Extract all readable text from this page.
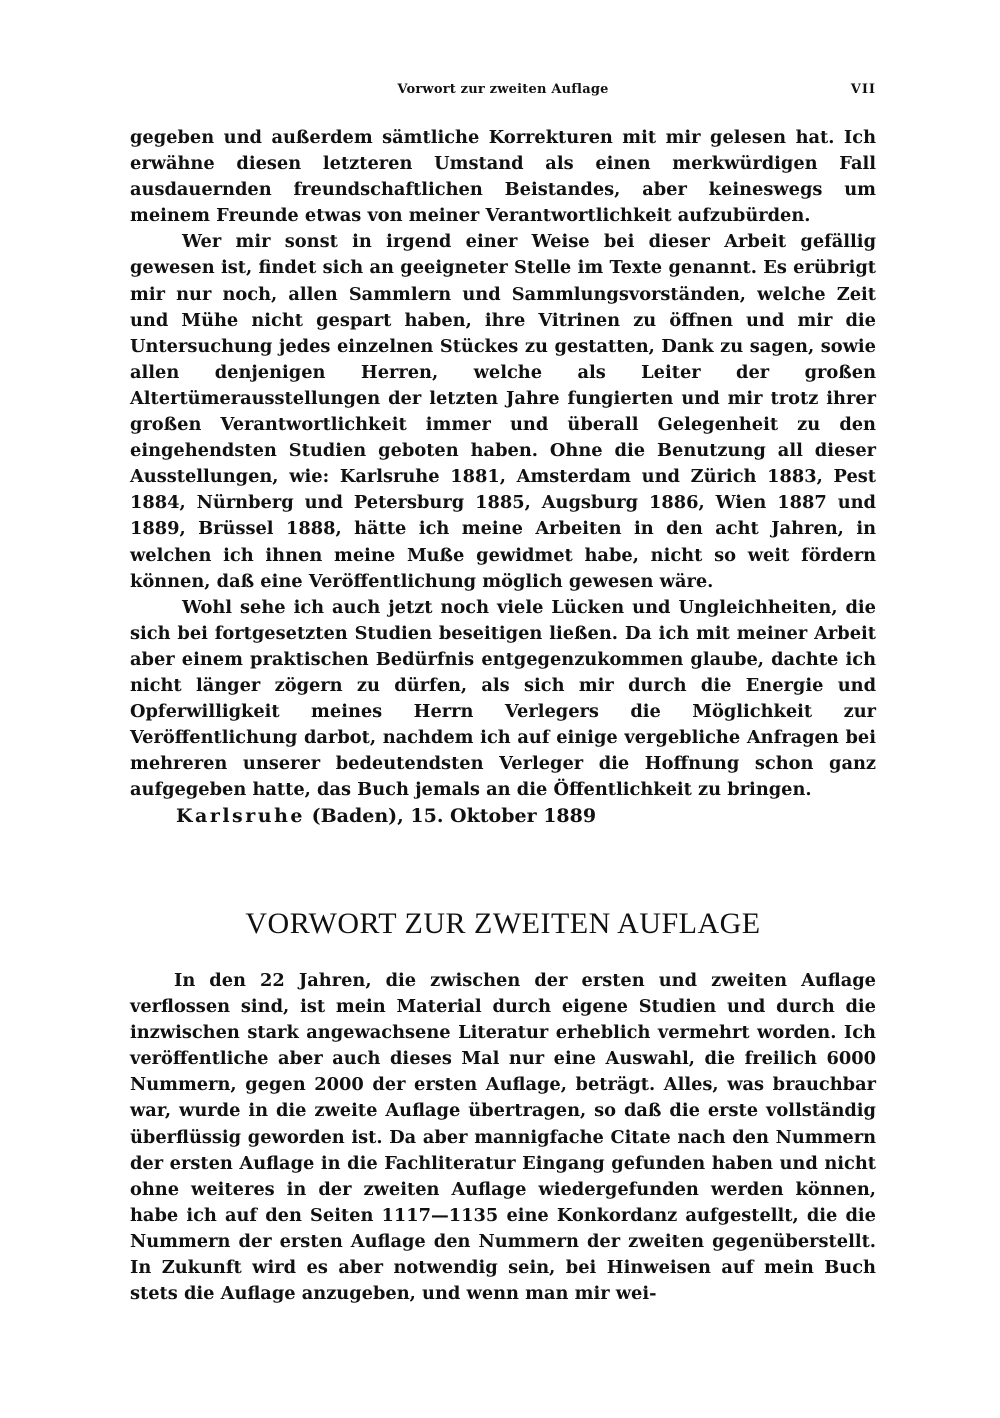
Vorwort zur zweiten Auflage	VII

gegeben und außerdem sämtliche Korrekturen mit mir gelesen hat. Ich erwähne diesen letzteren Umstand als einen merkwürdigen Fall ausdauernden freundschaftlichen Beistandes, aber keineswegs um meinem Freunde etwas von meiner Verantwortlichkeit aufzubürden.

Wer mir sonst in irgend einer Weise bei dieser Arbeit gefällig gewesen ist, findet sich an geeigneter Stelle im Texte genannt. Es erübrigt mir nur noch, allen Sammlern und Sammlungsvorständen, welche Zeit und Mühe nicht gespart haben, ihre Vitrinen zu öffnen und mir die Untersuchung jedes einzelnen Stückes zu gestatten, Dank zu sagen, sowie allen denjenigen Herren, welche als Leiter der großen Altertümerausstellungen der letzten Jahre fungierten und mir trotz ihrer großen Verantwortlichkeit immer und überall Gelegenheit zu den eingehendsten Studien geboten haben. Ohne die Benutzung all dieser Ausstellungen, wie: Karlsruhe 1881, Amsterdam und Zürich 1883, Pest 1884, Nürnberg und Petersburg 1885, Augsburg 1886, Wien 1887 und 1889, Brüssel 1888, hätte ich meine Arbeiten in den acht Jahren, in welchen ich ihnen meine Muße gewidmet habe, nicht so weit fördern können, daß eine Veröffentlichung möglich gewesen wäre.

Wohl sehe ich auch jetzt noch viele Lücken und Ungleichheiten, die sich bei fortgesetzten Studien beseitigen ließen. Da ich mit meiner Arbeit aber einem praktischen Bedürfnis entgegenzukommen glaube, dachte ich nicht länger zögern zu dürfen, als sich mir durch die Energie und Opferwilligkeit meines Herrn Verlegers die Möglichkeit zur Veröffentlichung darbot, nachdem ich auf einige vergebliche Anfragen bei mehreren unserer bedeutendsten Verleger die Hoffnung schon ganz aufgegeben hatte, das Buch jemals an die Öffentlichkeit zu bringen.

Karlsruhe (Baden), 15. Oktober 1889
VORWORT ZUR ZWEITEN AUFLAGE

In den 22 Jahren, die zwischen der ersten und zweiten Auflage verflossen sind, ist mein Material durch eigene Studien und durch die inzwischen stark angewachsene Literatur erheblich vermehrt worden. Ich veröffentliche aber auch dieses Mal nur eine Auswahl, die freilich 6000 Nummern, gegen 2000 der ersten Auflage, beträgt. Alles, was brauchbar war, wurde in die zweite Auflage übertragen, so daß die erste vollständig überflüssig geworden ist. Da aber mannigfache Citate nach den Nummern der ersten Auflage in die Fachliteratur Eingang gefunden haben und nicht ohne weiteres in der zweiten Auflage wiedergefunden werden können, habe ich auf den Seiten 1117—1135 eine Konkordanz aufgestellt, die die Nummern der ersten Auflage den Nummern der zweiten gegenüberstellt. In Zukunft wird es aber notwendig sein, bei Hinweisen auf mein Buch stets die Auflage anzugeben, und wenn man mir wei-
